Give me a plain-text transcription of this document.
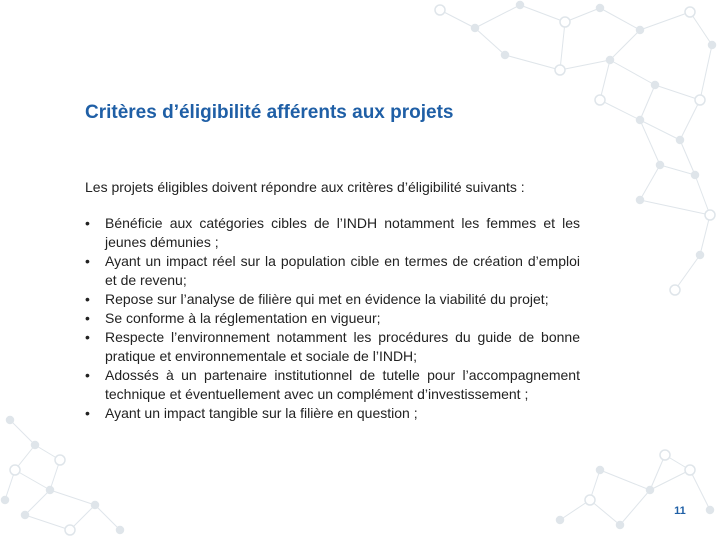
Critères d’éligibilité afférents aux projets

Les projets éligibles doivent répondre aux critères d’éligibilité suivants :

• Bénéficie aux catégories cibles de l’INDH notamment les femmes et les jeunes démunies ;
• Ayant un impact réel sur la population cible en termes de création d’emploi et de revenu;
• Repose sur l’analyse de filière qui met en évidence la viabilité du projet;
• Se conforme à la réglementation en vigueur;
• Respecte l’environnement notamment les procédures du guide de bonne pratique et environnementale et sociale de l’INDH;
• Adossés à un partenaire institutionnel de tutelle pour l’accompagnement technique et éventuellement avec un complément d’investissement ;
• Ayant un impact tangible sur la filière en question ;
11
